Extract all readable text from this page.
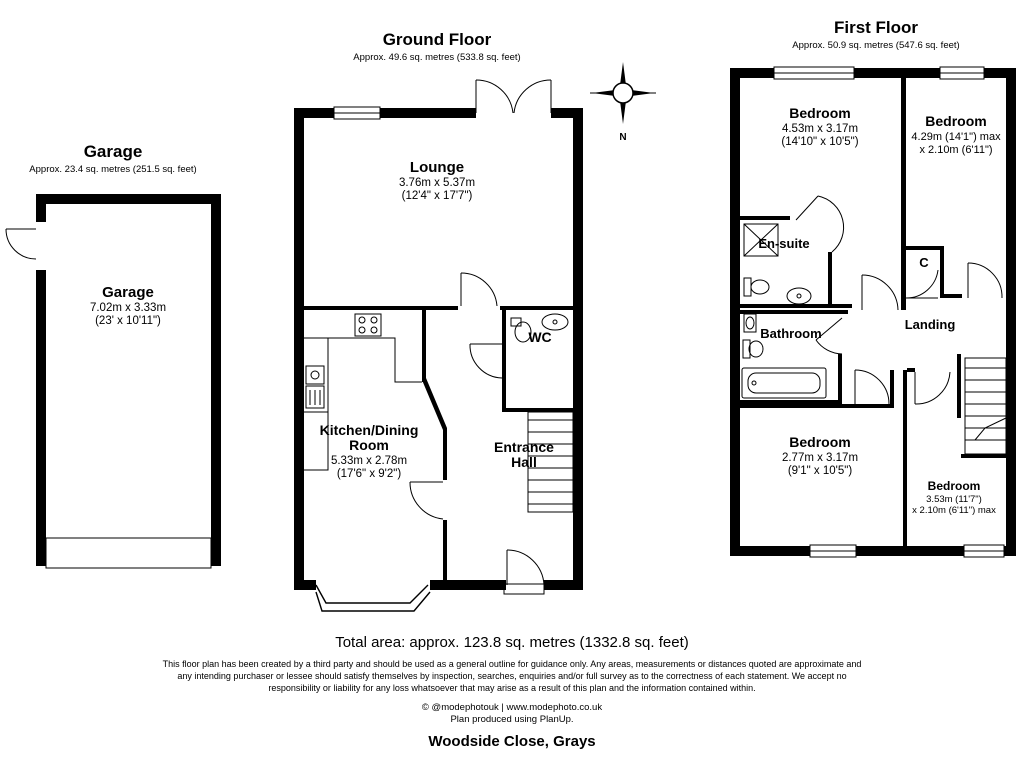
Garage
Approx. 23.4 sq. metres (251.5 sq. feet)
Garage
7.02m x 3.33m
(23' x 10'11")
Ground Floor
Approx. 49.6 sq. metres (533.8 sq. feet)
Lounge
3.76m x 5.37m
(12'4" x 17'7")
Kitchen/Dining
Room
5.33m x 2.78m
(17'6" x 9'2")
WC
Entrance
Hall
N
First Floor
Approx. 50.9 sq. metres (547.6 sq. feet)
Bedroom
4.53m x 3.17m
(14'10" x 10'5")
Bedroom
4.29m (14'1") max
x 2.10m (6'11")
En-suite
C
Bathroom
Landing
Bedroom
2.77m x 3.17m
(9'1" x 10'5")
Bedroom
3.53m (11'7")
x 2.10m (6'11") max
Total area: approx. 123.8 sq. metres (1332.8 sq. feet)
This floor plan has been created by a third party and should be used as a general outline for guidance only. Any areas, measurements or distances quoted are approximate and any intending purchaser or lessee should satisfy themselves by inspection, searches, enquiries and/or full survey as to the correctness of each statement. We accept no responsibility or liability for any loss whatsoever that may arise as a result of this plan and the information contained within.
© @modephotouk | www.modephoto.co.uk
Plan produced using PlanUp.
Woodside Close, Grays
